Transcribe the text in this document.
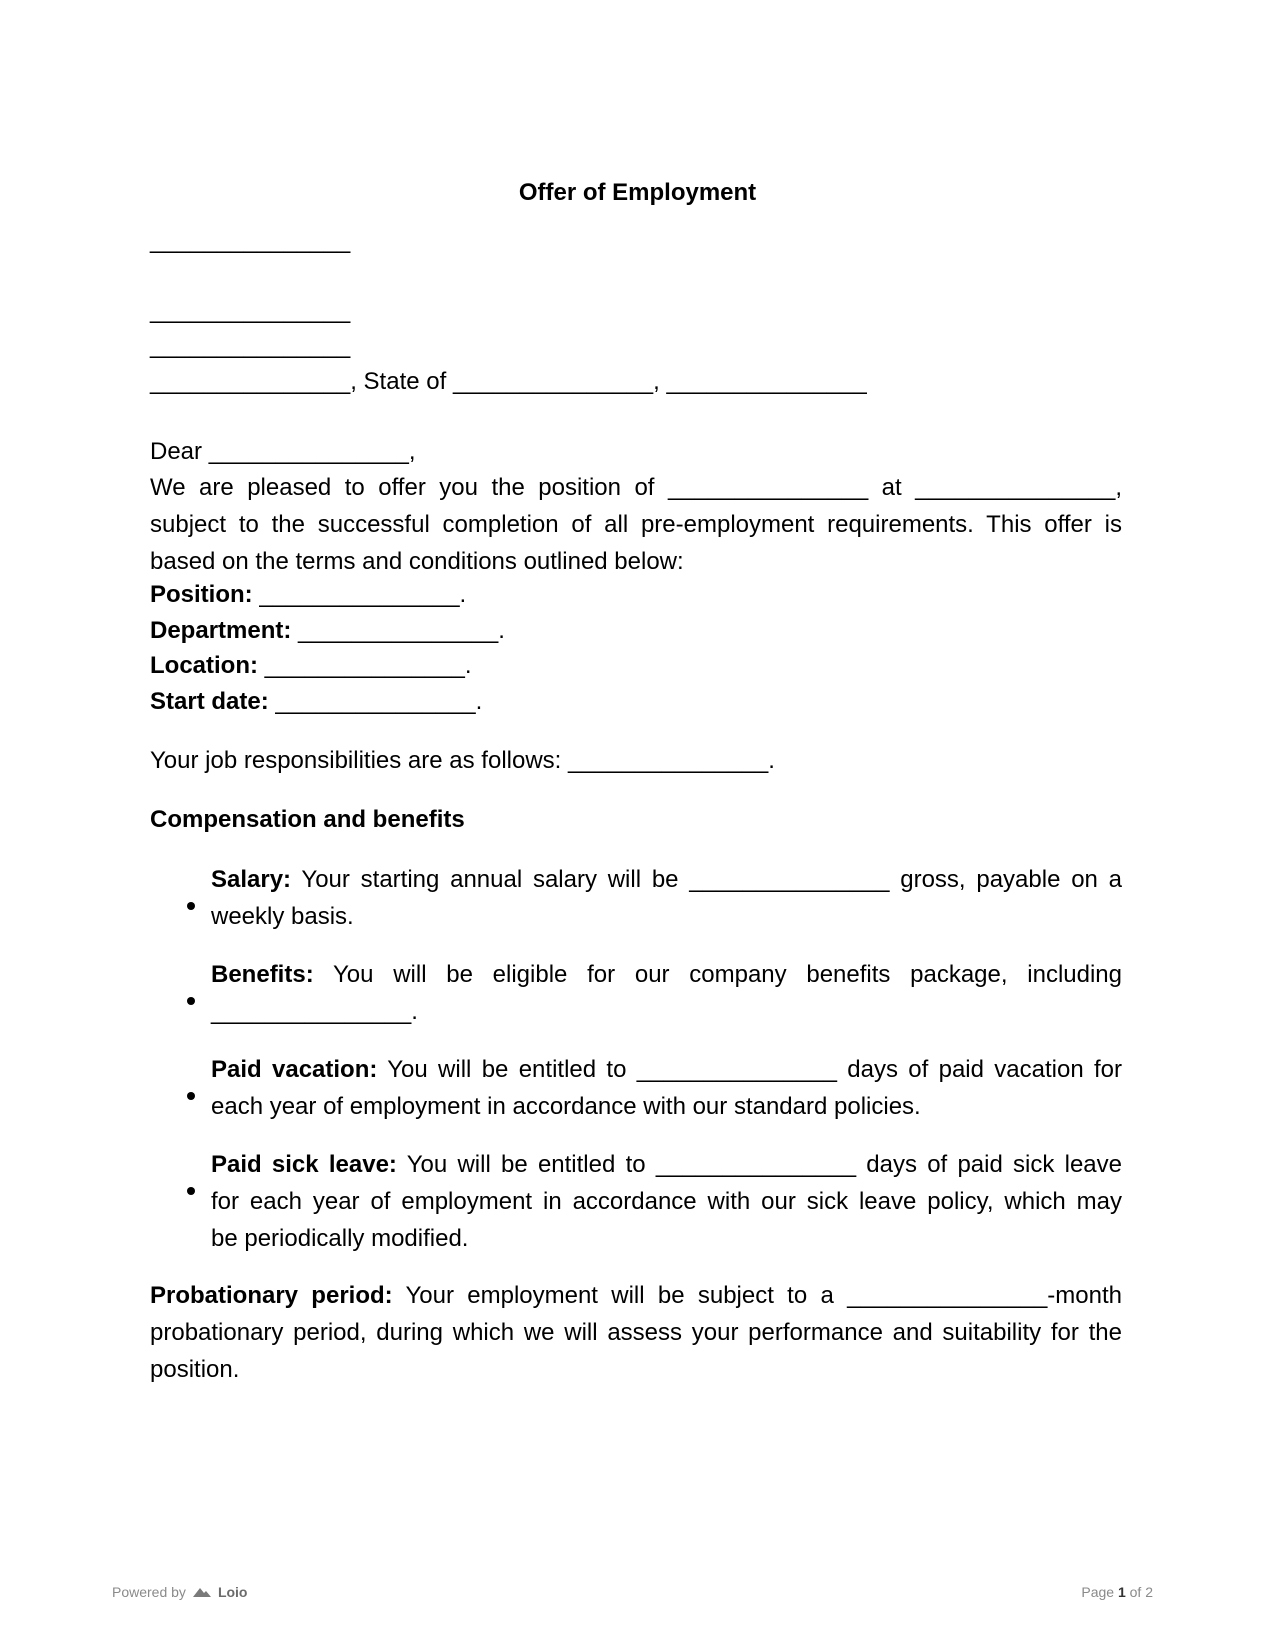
Offer of Employment
_______________
_______________
_______________
_______________, State of _______________, _______________
Dear _______________,
We are pleased to offer you the position of _______________ at _______________,
subject to the successful completion of all pre-employment requirements. This offer is
based on the terms and conditions outlined below:
Position: _______________.
Department: _______________.
Location: _______________.
Start date: _______________.
Your job responsibilities are as follows: _______________.
Compensation and benefits
Salary: Your starting annual salary will be _______________ gross, payable on a
weekly basis.
Benefits: You will be eligible for our company benefits package, including
_______________.
Paid vacation: You will be entitled to _______________ days of paid vacation for
each year of employment in accordance with our standard policies.
Paid sick leave: You will be entitled to _______________ days of paid sick leave
for each year of employment in accordance with our sick leave policy, which may
be periodically modified.
Probationary period: Your employment will be subject to a _______________-month
probationary period, during which we will assess your performance and suitability for the
position.
Powered by Loio	Page 1 of 2
